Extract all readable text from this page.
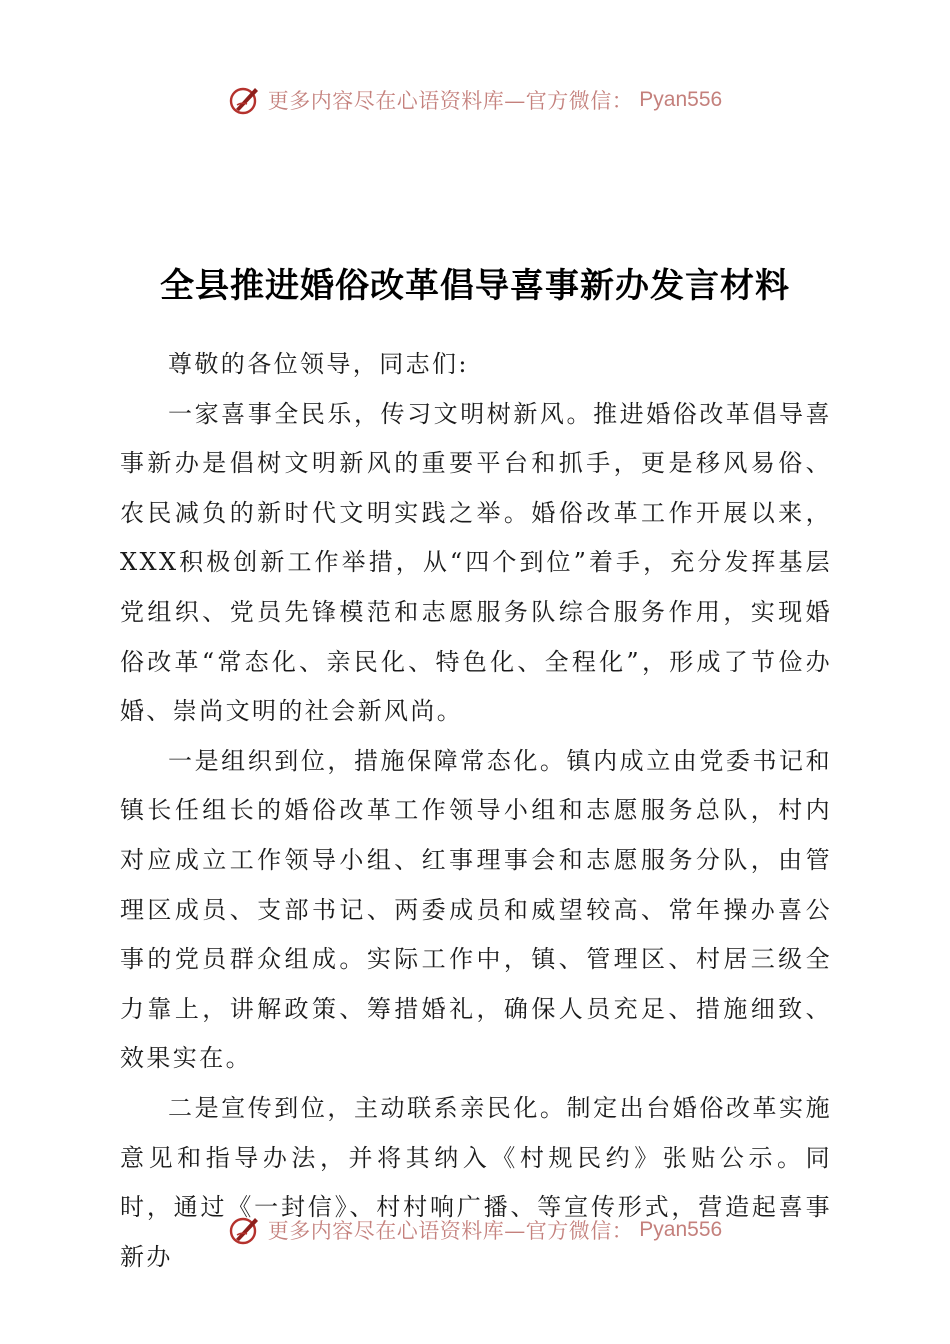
更多内容尽在心语资料库—官方微信： Pyan556
全县推进婚俗改革倡导喜事新办发言材料

尊敬的各位领导，同志们:

一家喜事全民乐，传习文明树新风。推进婚俗改革倡导喜事新办是倡树文明新风的重要平台和抓手，更是移风易俗、农民减负的新时代文明实践之举。婚俗改革工作开展以来，XXX积极创新工作举措，从“四个到位”着手，充分发挥基层党组织、党员先锋模范和志愿服务队综合服务作用，实现婚俗改革“常态化、亲民化、特色化、全程化”，形成了节俭办婚、崇尚文明的社会新风尚。

一是组织到位，措施保障常态化。镇内成立由党委书记和镇长任组长的婚俗改革工作领导小组和志愿服务总队，村内对应成立工作领导小组、红事理事会和志愿服务分队，由管理区成员、支部书记、两委成员和威望较高、常年操办喜公事的党员群众组成。实际工作中，镇、管理区、村居三级全力靠上，讲解政策、筹措婚礼，确保人员充足、措施细致、效果实在。

二是宣传到位，主动联系亲民化。制定出台婚俗改革实施意见和指导办法，并将其纳入《村规民约》张贴公示。同时，通过《一封信》、村村响广播、等宣传形式，营造起喜事新办

更多内容尽在心语资料库—官方微信： Pyan556
